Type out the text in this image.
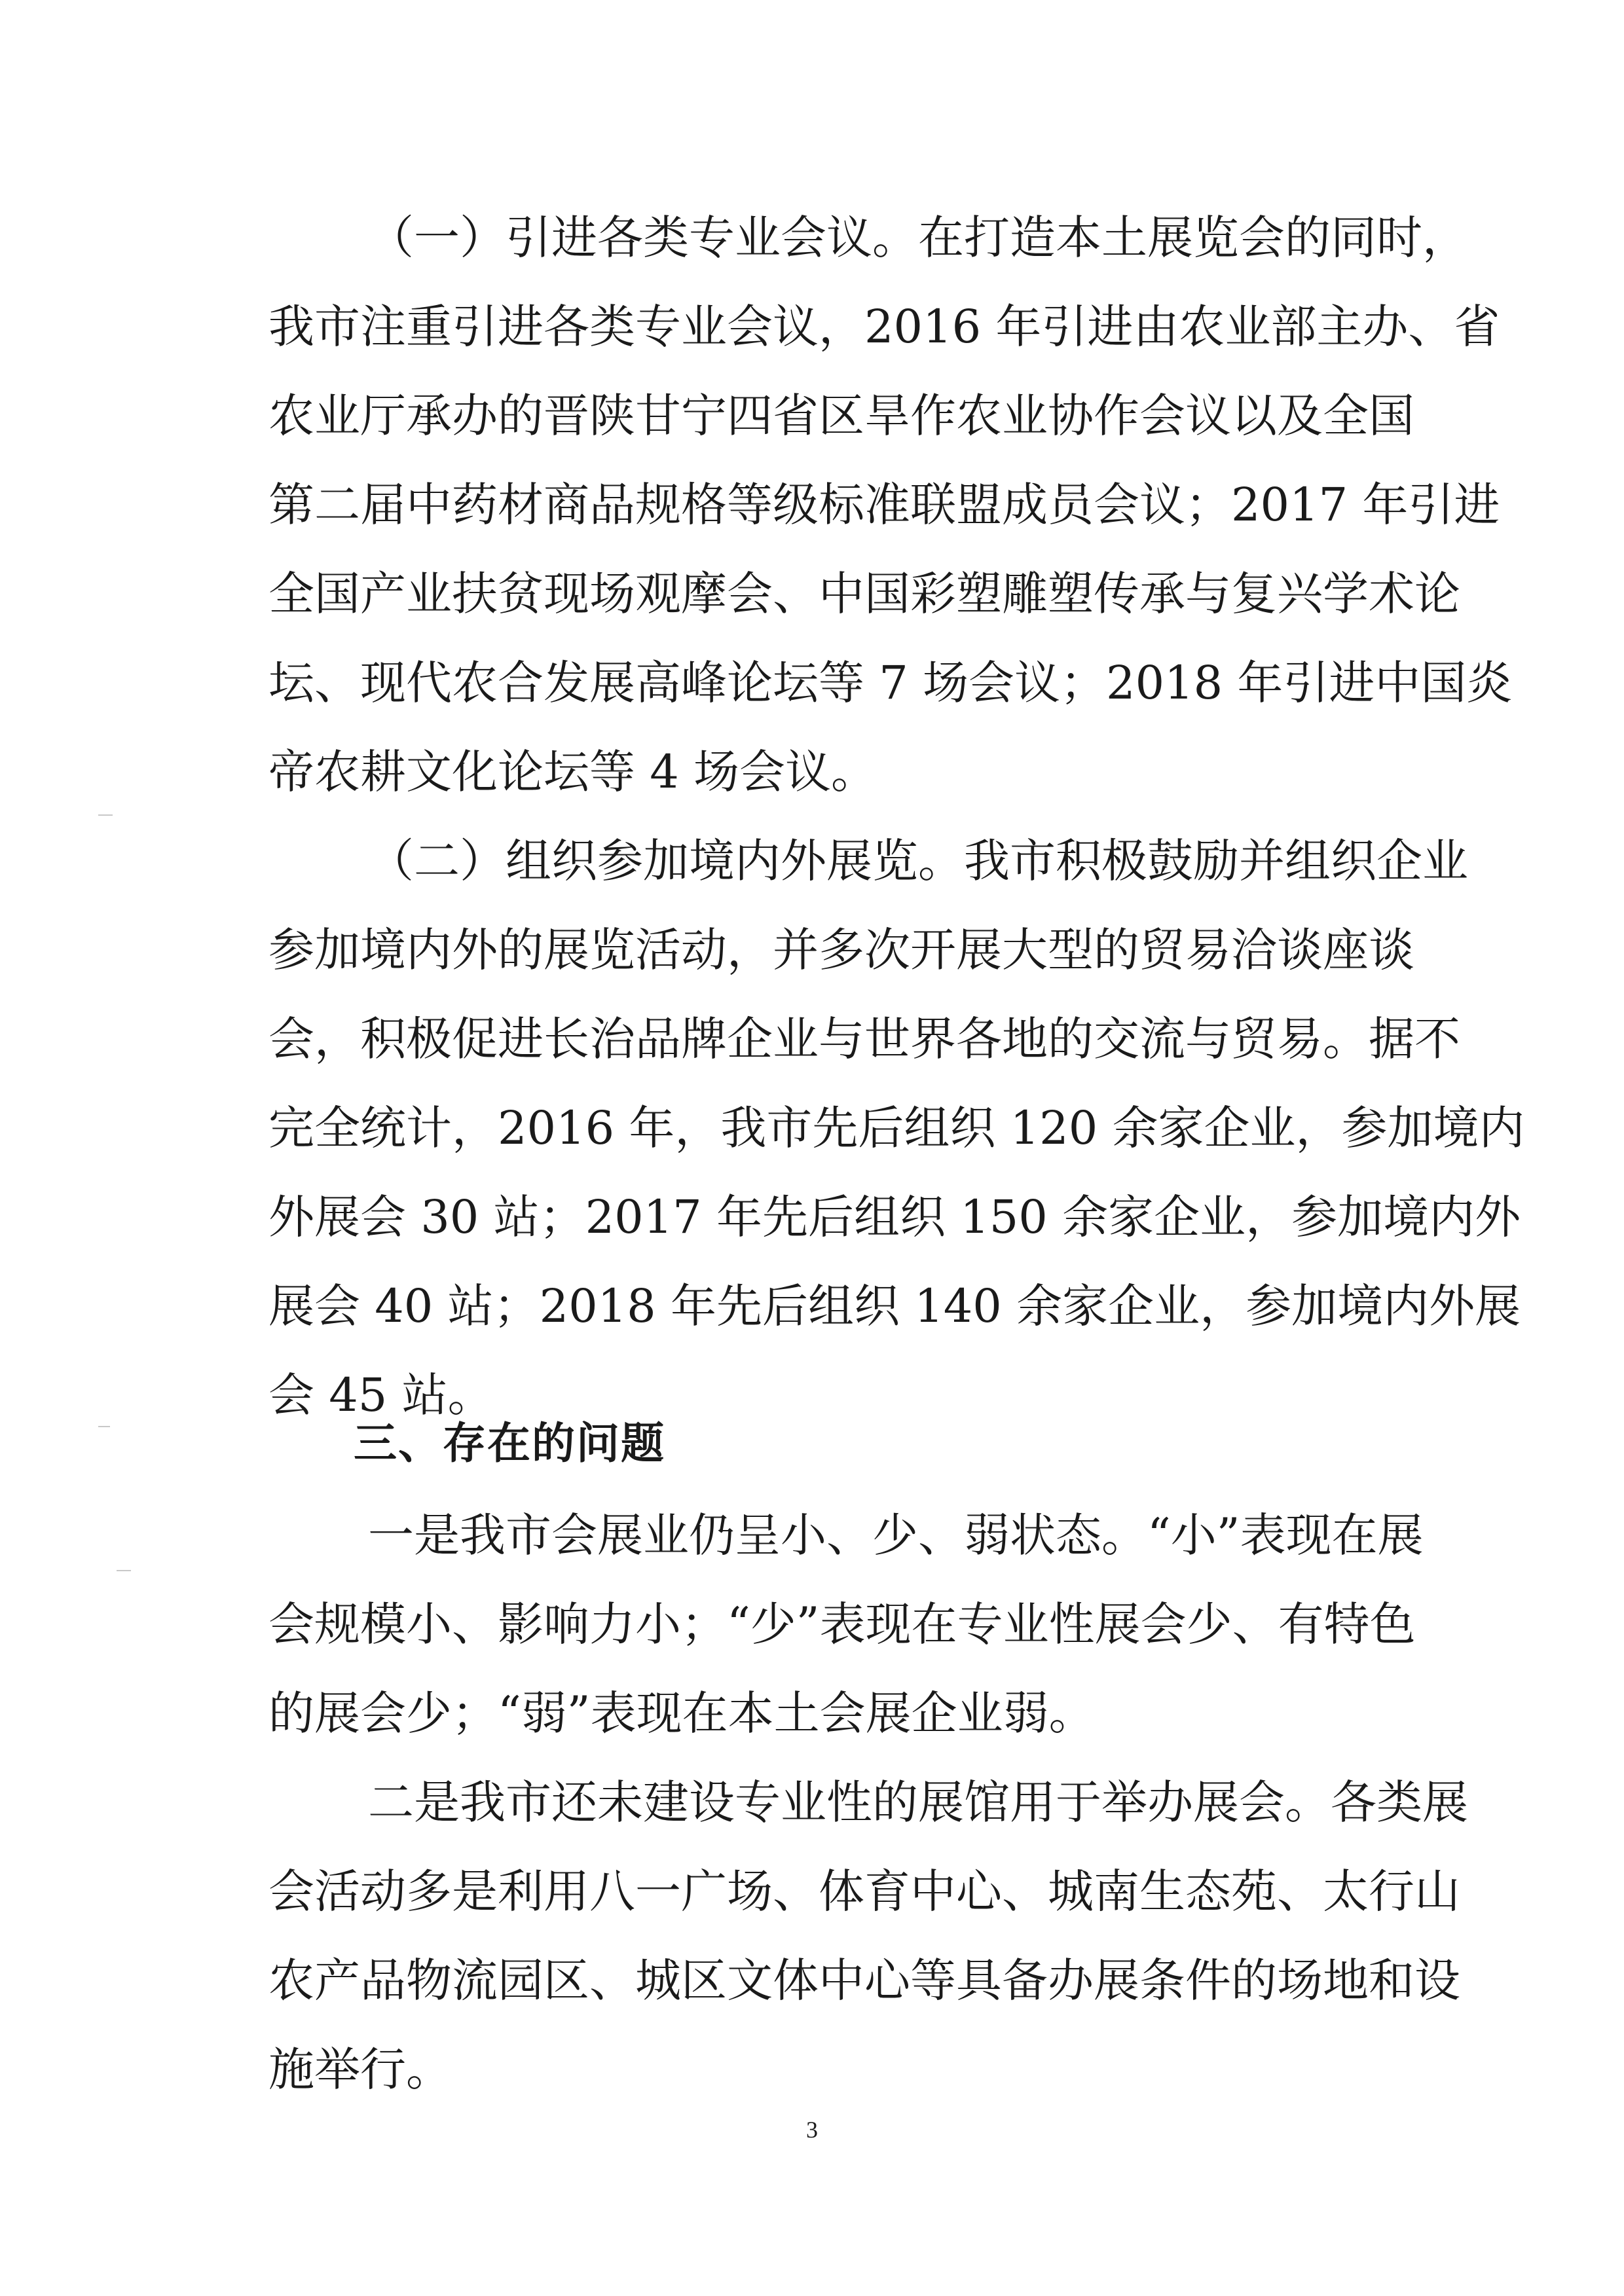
（一）引进各类专业会议。在打造本土展览会的同时，
我市注重引进各类专业会议，2016 年引进由农业部主办、省
农业厅承办的晋陕甘宁四省区旱作农业协作会议以及全国
第二届中药材商品规格等级标准联盟成员会议；2017 年引进
全国产业扶贫现场观摩会、中国彩塑雕塑传承与复兴学术论
坛、现代农合发展高峰论坛等 7 场会议；2018 年引进中国炎
帝农耕文化论坛等 4 场会议。
（二）组织参加境内外展览。我市积极鼓励并组织企业
参加境内外的展览活动，并多次开展大型的贸易洽谈座谈
会，积极促进长治品牌企业与世界各地的交流与贸易。据不
完全统计，2016 年，我市先后组织 120 余家企业，参加境内
外展会 30 站；2017 年先后组织 150 余家企业，参加境内外
展会 40 站；2018 年先后组织 140 余家企业，参加境内外展
会 45 站。
三、存在的问题
一是我市会展业仍呈小、少、弱状态。“小”表现在展
会规模小、影响力小；“少”表现在专业性展会少、有特色
的展会少；“弱”表现在本土会展企业弱。
二是我市还未建设专业性的展馆用于举办展会。各类展
会活动多是利用八一广场、体育中心、城南生态苑、太行山
农产品物流园区、城区文体中心等具备办展条件的场地和设
施举行。
3
